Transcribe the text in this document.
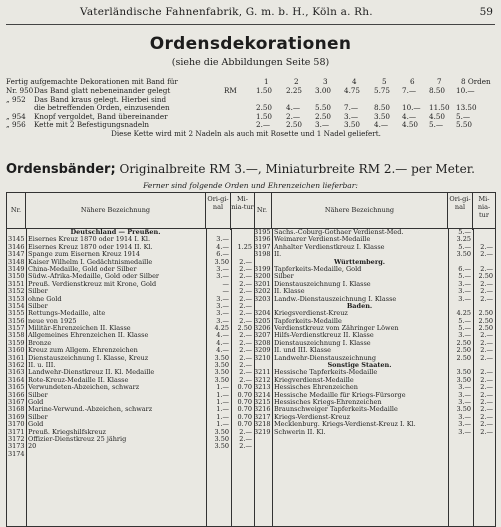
Vaterländische Fahnenfabrik, G. m. b. H., Köln a. Rh.	59
Ordensdekorationen
(siehe die Abbildungen Seite 58)
Fertig aufgemachte Dekorationen mit Band für	1	2	3	4	5	6	7	8 Orden
Nr. 950 Das Band glatt nebeneinander gelegt	RM	1.50 2.25 3.00 4.75 5.75 7.— 8.50 10.—
„ 952 Das Band kraus gelegt. Hierbei sind
die betreffenden Orden, einzusenden	2.50 4.— 5.50 7.— 8.50 10.— 11.50 13.50
„ 954 Knopf vergoldet, Band übereinander	1.50 2.— 2.50 3.— 3.50 4.— 4.50 5.—
„ 956 Kette mit 2 Befestigungsnadeln	2.— 2.50 3.— 3.50 4.— 4.50 5.— 5.50
Diese Kette wird mit 2 Nadeln als auch mit Rosette und 1 Nadel geliefert.
Ordensbänder; Originalbreite RM 3.—, Miniaturbreite RM 2.— per Meter.
Ferner sind folgende Orden und Ehrenzeichen lieferbar:
Nr.	Nähere Bezeichnung
Ori-gi-nal
Mi-nia-tur
Deutschland — Preußen.
3145 Eisernes Kreuz 1870 oder 1914 I. Kl.	3.—
3146 Eisernes Kreuz 1870 oder 1914 II. Kl.	4.—	1.25
3147 Spange zum Eisernen Kreuz 1914	6.—
3148 Kaiser Wilhelm I. Gedächtnismedaille	3.50	2.—
3149 China-Medaille, Gold oder Silber	3.—	2.—
3150 Südw.-Afrika-Medaille, Gold oder Silber	3.—	2.—
3151 Preuß. Verdienstkreuz mit Krone, Gold	—	2.—
3152 Silber	—	2.—
3153 ohne Gold	3.—	2.—
3154 Silber	3.—	2.—
3155 Rettungs-Medaille, alte	3.—	2.—
3156 neue von 1925	3.—	2.—
3157 Militär-Ehrenzeichen II. Klasse	4.25	2.50
3158 Allgemeines Ehrenzeichen II. Klasse	4.—	2.—
3159 Bronze	4.—	2.—
3160 Kreuz zum Allgem. Ehrenzeichen	4.—	2.—
3161 Dienstauszeichnung I. Klasse, Kreuz	3.50	2.—
3162 II. u. III.	3.50	2.—
3163 Landwehr-Dienstkreuz II. Kl. Medaille	3.50	2.—
3164 Rote-Kreuz-Medaille II. Klasse	3.50	2.—
3165 Verwundeten-Abzeichen, schwarz	1.—	0.70
3166 Silber	1.—	0.70
3167 Gold	1.—	0.70
3168 Marine-Verwund.-Abzeichen, schwarz	1.—	0.70
3169 Silber	1.—	0.70
3170 Gold	1.—	0.70
3171 Preuß. Kriegshilfskreuz	3.50	2.—
3172 Offizier-Dienstkreuz 25 jährig	3.50	2.—
3173 20	3.50	2.—
3174
Nr.	Nähere Bezeichnung
Ori-gi-nal
Mi-nia-tur
3195 Sachs.-Coburg-Gothaer Verdienst-Med.	5.—
3196 Weimarer Verdienst-Medaille	3.25
3197 Anhalter Verdienstkreuz I. Klasse	5.—	2.—
3198 II.	3.50	2.—
Württemberg.
3199 Tapferkeits-Medaille, Gold	6.—	2.—
3200 Silber	5.—	2.50
3201 Dienstauszeichnung I. Klasse	3.—	2.—
3202 II. Klasse	3.—	2.—
3203 Landw.-Dienstauszeichnung I. Klasse	3.—	2.—
Baden.
3204 Kriegsverdienst-Kreuz	4.25	2.50
3205 Tapferkeits-Medaille	5.—	2.50
3206 Verdienstkreuz vom Zähringer Löwen	5.—	2.50
3207 Hilfs-Verdienstkreuz II. Klasse	3.—	2.—
3208 Dienstauszeichnung I. Klasse	2.50	2.—
3209 II. und III. Klasse	2.50	2.—
3210 Landwehr-Dienstauszeichnung	2.50	2.—
Sonstige Staaten.
3211 Hessische Tapferkeits-Medaille	3.50	2.—
3212 Kriegverdienst-Medaille	3.50	2.—
3213 Hessisches Ehrenzeichen	3.—	2.—
3214 Hessische Medaille für Kriegs-Fürsorge	3.—	2.—
3215 Hessisches Kriegs-Ehrenzeichen	3.—	2.—
3216 Braunschweiger Tapferkeits-Medaille	3.50	2.—
3217 Kriegs-Verdienst-Kreuz	3.—	2.—
3218 Mecklenburg. Kriegs-Verdienst-Kreuz I. Kl.	3.—	2.—
3219 Schwerin II. Kl.	3.—	2.—
